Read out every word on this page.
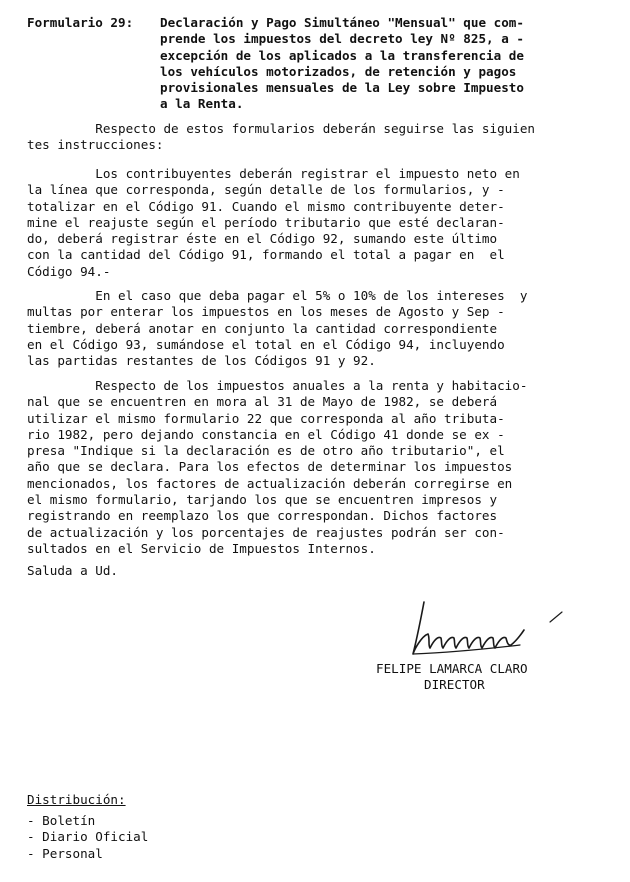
Formulario 29: Declaración y Pago Simultáneo "Mensual" que com-
prende los impuestos del decreto ley Nº 825, a -
excepción de los aplicados a la transferencia de
los vehículos motorizados, de retención y pagos
provisionales mensuales de la Ley sobre Impuesto
a la Renta.
Respecto de estos formularios deberán seguirse las siguien
tes instrucciones:
Los contribuyentes deberán registrar el impuesto neto en
la línea que corresponda, según detalle de los formularios, y -
totalizar en el Código 91. Cuando el mismo contribuyente deter-
mine el reajuste según el período tributario que esté declaran-
do, deberá registrar éste en el Código 92, sumando este último
con la cantidad del Código 91, formando el total a pagar en  el
Código 94.-
En el caso que deba pagar el 5% o 10% de los intereses  y
multas por enterar los impuestos en los meses de Agosto y Sep -
tiembre, deberá anotar en conjunto la cantidad correspondiente
en el Código 93, sumándose el total en el Código 94, incluyendo
las partidas restantes de los Códigos 91 y 92.
Respecto de los impuestos anuales a la renta y habitacio-
nal que se encuentren en mora al 31 de Mayo de 1982, se deberá
utilizar el mismo formulario 22 que corresponda al año tributa-
rio 1982, pero dejando constancia en el Código 41 donde se ex -
presa "Indique si la declaración es de otro año tributario", el
año que se declara. Para los efectos de determinar los impuestos
mencionados, los factores de actualización deberán corregirse en
el mismo formulario, tarjando los que se encuentren impresos y
registrando en reemplazo los que correspondan. Dichos factores
de actualización y los porcentajes de reajustes podrán ser con-
sultados en el Servicio de Impuestos Internos.
Saluda a Ud.
FELIPE LAMARCA CLARO
DIRECTOR
Distribución:
- Boletín
- Diario Oficial
- Personal
